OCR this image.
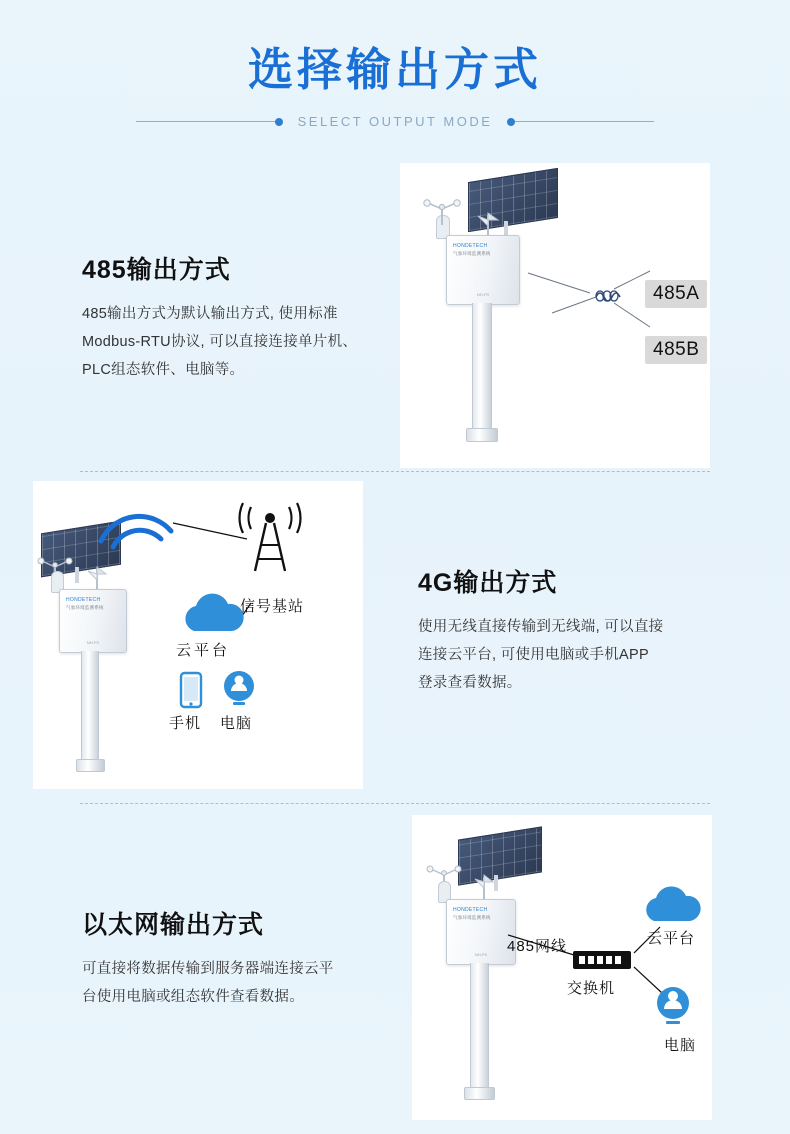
选择输出方式
SELECT OUTPUT MODE
HONDETECH
气象环境监测系统
NH-FS	485A
485B
485输出方式
485输出方式为默认输出方式, 使用标准
Modbus-RTU协议, 可以直接连接单片机、
PLC组态软件、电脑等。
HONDETECH
气象环境监测系统
NH-FS
信号基站
云平台
手机 电脑
4G输出方式
使用无线直接传输到无线端, 可以直接
连接云平台, 可使用电脑或手机APP
登录查看数据。
HONDETECH
气象环境监测系统
NH-FS
交换机
485网线	云平台
电脑
以太网输出方式
可直接将数据传输到服务器端连接云平
台使用电脑或组态软件查看数据。
